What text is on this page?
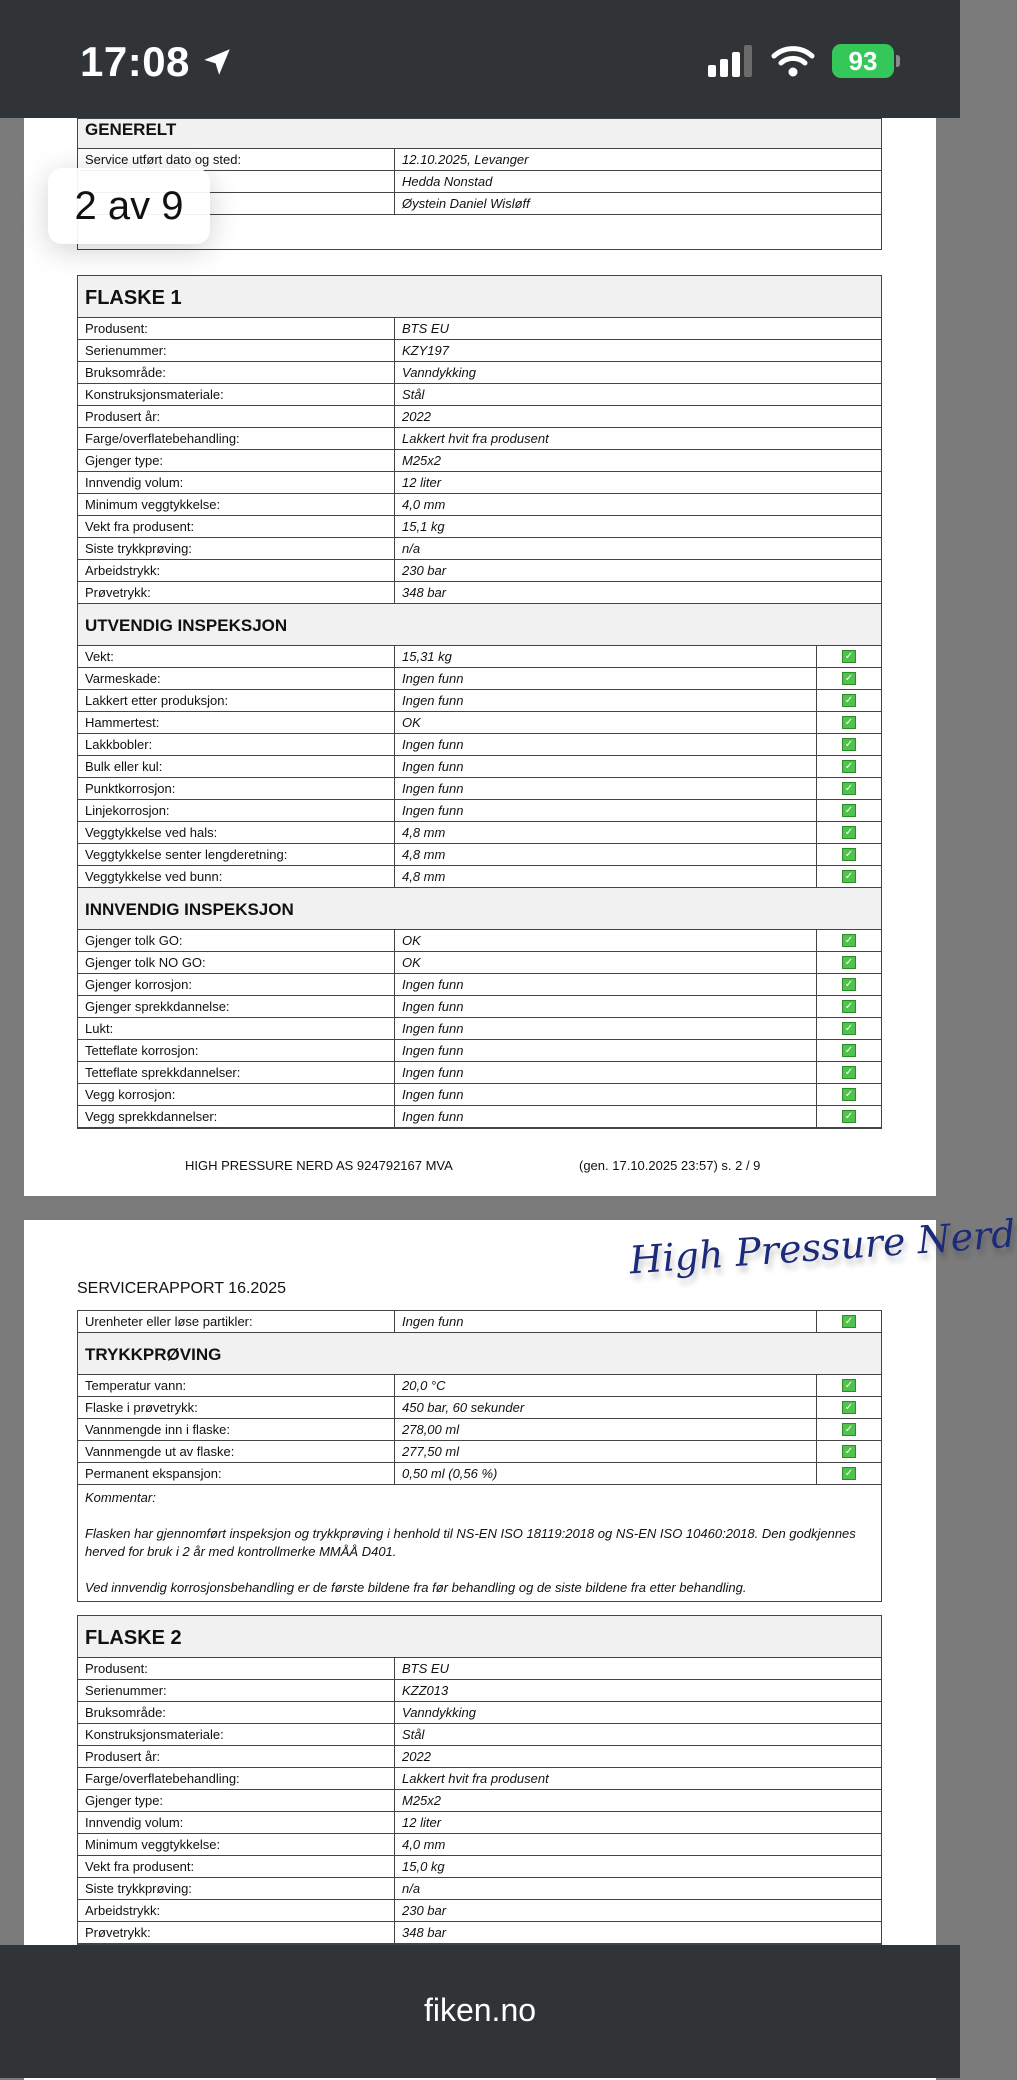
17:08	93
2 av 9
GENERELT
Service utført dato og sted:	12.10.2025, Levanger
Hedda Nonstad
Øystein Daniel Wisløff
FLASKE 1
Produsent:	BTS EU
Serienummer:	KZY197
Bruksområde:	Vanndykking
Konstruksjonsmateriale:	Stål
Produsert år:	2022
Farge/overflatebehandling:	Lakkert hvit fra produsent
Gjenger type:	M25x2
Innvendig volum:	12 liter
Minimum veggtykkelse:	4,0 mm
Vekt fra produsent:	15,1 kg
Siste trykkprøving:	n/a
Arbeidstrykk:	230 bar
Prøvetrykk:	348 bar
UTVENDIG INSPEKSJON
Vekt:	15,31 kg	✓
Varmeskade:	Ingen funn	✓
Lakkert etter produksjon:	Ingen funn	✓
Hammertest:	OK	✓
Lakkbobler:	Ingen funn	✓
Bulk eller kul:	Ingen funn	✓
Punktkorrosjon:	Ingen funn	✓
Linjekorrosjon:	Ingen funn	✓
Veggtykkelse ved hals:	4,8 mm	✓
Veggtykkelse senter lengderetning:	4,8 mm	✓
Veggtykkelse ved bunn:	4,8 mm	✓
INNVENDIG INSPEKSJON
Gjenger tolk GO:	OK	✓
Gjenger tolk NO GO:	OK	✓
Gjenger korrosjon:	Ingen funn	✓
Gjenger sprekkdannelse:	Ingen funn	✓
Lukt:	Ingen funn	✓
Tetteflate korrosjon:	Ingen funn	✓
Tetteflate sprekkdannelser:	Ingen funn	✓
Vegg korrosjon:	Ingen funn	✓
Vegg sprekkdannelser:	Ingen funn	✓
HIGH PRESSURE NERD AS 924792167 MVA	(gen. 17.10.2025 23:57) s. 2 / 9
High Pressure Nerd
SERVICERAPPORT 16.2025
Urenheter eller løse partikler:	Ingen funn	✓
TRYKKPRØVING
Temperatur vann:	20,0 °C	✓
Flaske i prøvetrykk:	450 bar, 60 sekunder	✓
Vannmengde inn i flaske:	278,00 ml	✓
Vannmengde ut av flaske:	277,50 ml	✓
Permanent ekspansjon:	0,50 ml (0,56 %)	✓

Kommentar:

Flasken har gjennomført inspeksjon og trykkprøving i henhold til NS-EN ISO 18119:2018 og NS-EN ISO 10460:2018. Den godkjennes herved for bruk i 2 år med kontrollmerke MMÅÅ D401.

Ved innvendig korrosjonsbehandling er de første bildene fra før behandling og de siste bildene fra etter behandling.

FLASKE 2
Produsent:	BTS EU
Serienummer:	KZZ013
Bruksområde:	Vanndykking
Konstruksjonsmateriale:	Stål
Produsert år:	2022
Farge/overflatebehandling:	Lakkert hvit fra produsent
Gjenger type:	M25x2
Innvendig volum:	12 liter
Minimum veggtykkelse:	4,0 mm
Vekt fra produsent:	15,0 kg
Siste trykkprøving:	n/a
Arbeidstrykk:	230 bar
Prøvetrykk:	348 bar
fiken.no
